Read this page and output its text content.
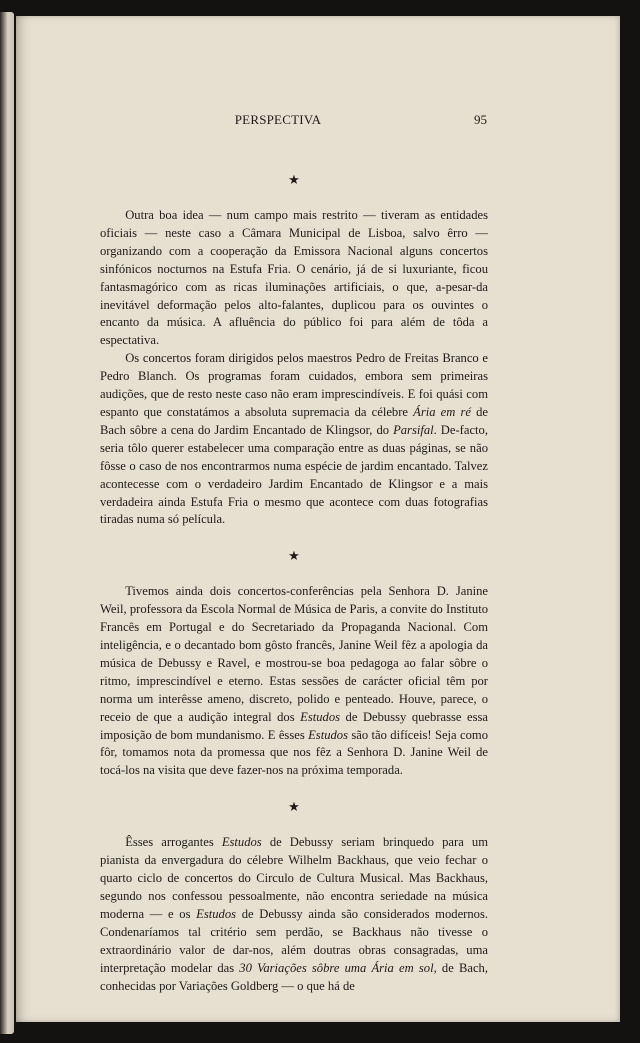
PERSPECTIVA	95
★

Outra boa idea — num campo mais restrito — tiveram as entidades oficiais — neste caso a Câmara Municipal de Lisboa, salvo êrro — organizando com a cooperação da Emissora Nacional alguns concertos sinfónicos nocturnos na Estufa Fria. O cenário, já de si luxuriante, ficou fantasmagórico com as ricas iluminações artificiais, o que, a-pesar-da inevitável deformação pelos alto-falantes, duplicou para os ouvintes o encanto da música. A afluência do público foi para além de tôda a espectativa.

Os concertos foram dirigidos pelos maestros Pedro de Freitas Branco e Pedro Blanch. Os programas foram cuidados, embora sem primeiras audições, que de resto neste caso não eram imprescindíveis. E foi quási com espanto que constatámos a absoluta supremacia da célebre Ária em ré de Bach sôbre a cena do Jardim Encantado de Klingsor, do Parsifal. De-facto, seria tôlo querer estabelecer uma comparação entre as duas páginas, se não fôsse o caso de nos encontrarmos numa espécie de jardim encantado. Talvez acontecesse com o verdadeiro Jardim Encantado de Klingsor e a mais verdadeira ainda Estufa Fria o mesmo que acontece com duas fotografias tiradas numa só película.

★

Tivemos ainda dois concertos-conferências pela Senhora D. Janine Weil, professora da Escola Normal de Música de Paris, a convite do Instituto Francês em Portugal e do Secretariado da Propaganda Nacional. Com inteligência, e o decantado bom gôsto francês, Janine Weil fêz a apologia da música de Debussy e Ravel, e mostrou-se boa pedagoga ao falar sôbre o ritmo, imprescindível e eterno. Estas sessões de carácter oficial têm por norma um interêsse ameno, discreto, polido e penteado. Houve, parece, o receio de que a audição integral dos Estudos de Debussy quebrasse essa imposição de bom mundanismo. E êsses Estudos são tão difíceis! Seja como fôr, tomamos nota da promessa que nos fêz a Senhora D. Janine Weil de tocá-los na visita que deve fazer-nos na próxima temporada.

★

Êsses arrogantes Estudos de Debussy seriam brinquedo para um pianista da envergadura do célebre Wilhelm Backhaus, que veio fechar o quarto ciclo de concertos do Circulo de Cultura Musical. Mas Backhaus, segundo nos confessou pessoalmente, não encontra seriedade na música moderna — e os Estudos de Debussy ainda são considerados modernos. Condenaríamos tal critério sem perdão, se Backhaus não tivesse o extraordinário valor de dar-nos, além doutras obras consagradas, uma interpretação modelar das 30 Variações sôbre uma Ária em sol, de Bach, conhecidas por Variações Goldberg — o que há de
